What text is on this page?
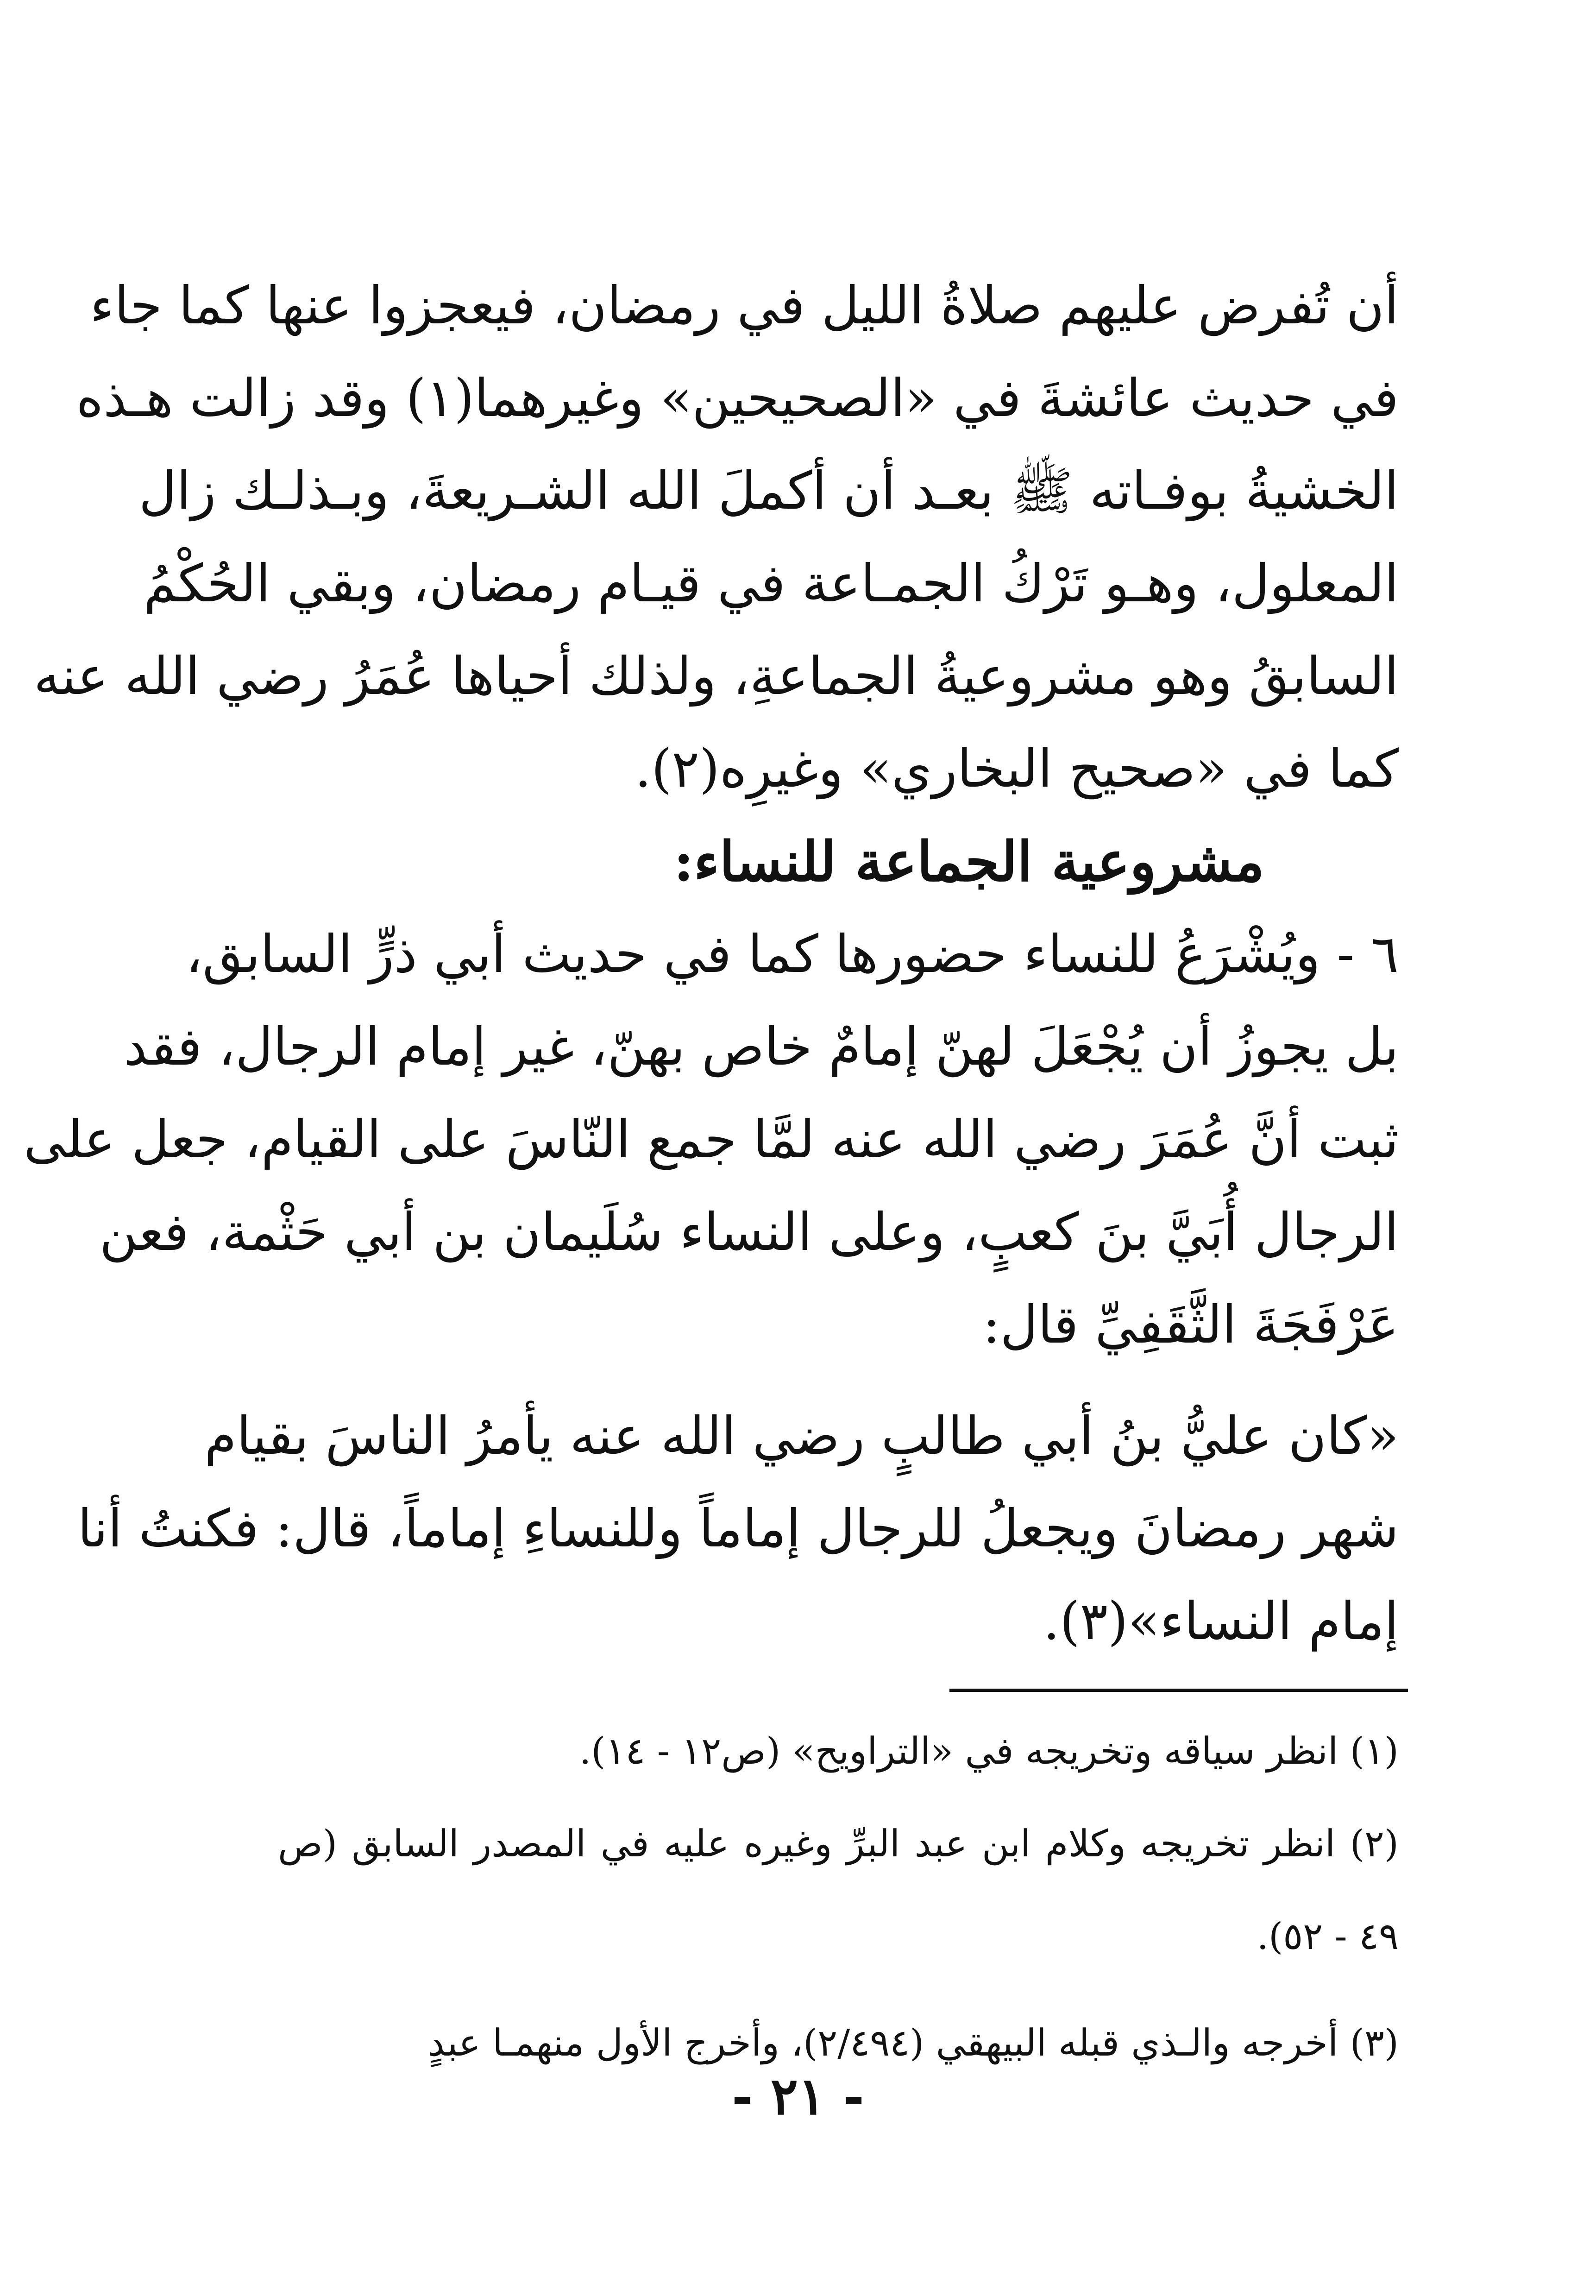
أن تُفرض عليهم صلاةُ الليل في رمضان، فيعجزوا عنها كما جاء
في حديث عائشةَ في «الصحيحين» وغيرهما(١) وقد زالت هـذه
الخشيةُ بوفـاته ﷺ بعـد أن أكملَ الله الشـريعةَ، وبـذلـك زال
المعلول، وهـو تَرْكُ الجمـاعة في قيـام رمضان، وبقي الحُكْمُ
السابقُ وهو مشروعيةُ الجماعةِ، ولذلك أحياها عُمَرُ رضي الله عنه
كما في «صحيح البخاري» وغيرِه(٢).
مشروعية الجماعة للنساء:
٦ - ويُشْرَعُ للنساء حضورها كما في حديث أبي ذرٍّ السابق،
بل يجوزُ أن يُجْعَلَ لهنّ إمامٌ خاص بهنّ، غير إمام الرجال، فقد
ثبت أنَّ عُمَرَ رضي الله عنه لمَّا جمع النّاسَ على القيام، جعل على
الرجال أُبَيَّ بنَ كعبٍ، وعلى النساء سُلَيمان بن أبي حَثْمة، فعن
عَرْفَجَةَ الثَّقَفِيِّ قال:
«كان عليُّ بنُ أبي طالبٍ رضي الله عنه يأمرُ الناسَ بقيام
شهر رمضانَ ويجعلُ للرجال إماماً وللنساءِ إماماً، قال: فكنتُ أنا
إمام النساء»(٣).
(١) انظر سياقه وتخريجه في «التراويح» (ص١٢ - ١٤).
(٢) انظر تخريجه وكلام ابن عبد البرِّ وغيره عليه في المصدر السابق (ص
٤٩ - ٥٢).
(٣) أخرجه والـذي قبله البيهقي (٢/٤٩٤)، وأخرج الأول منهمـا عبدٍ
- ٢١ -
